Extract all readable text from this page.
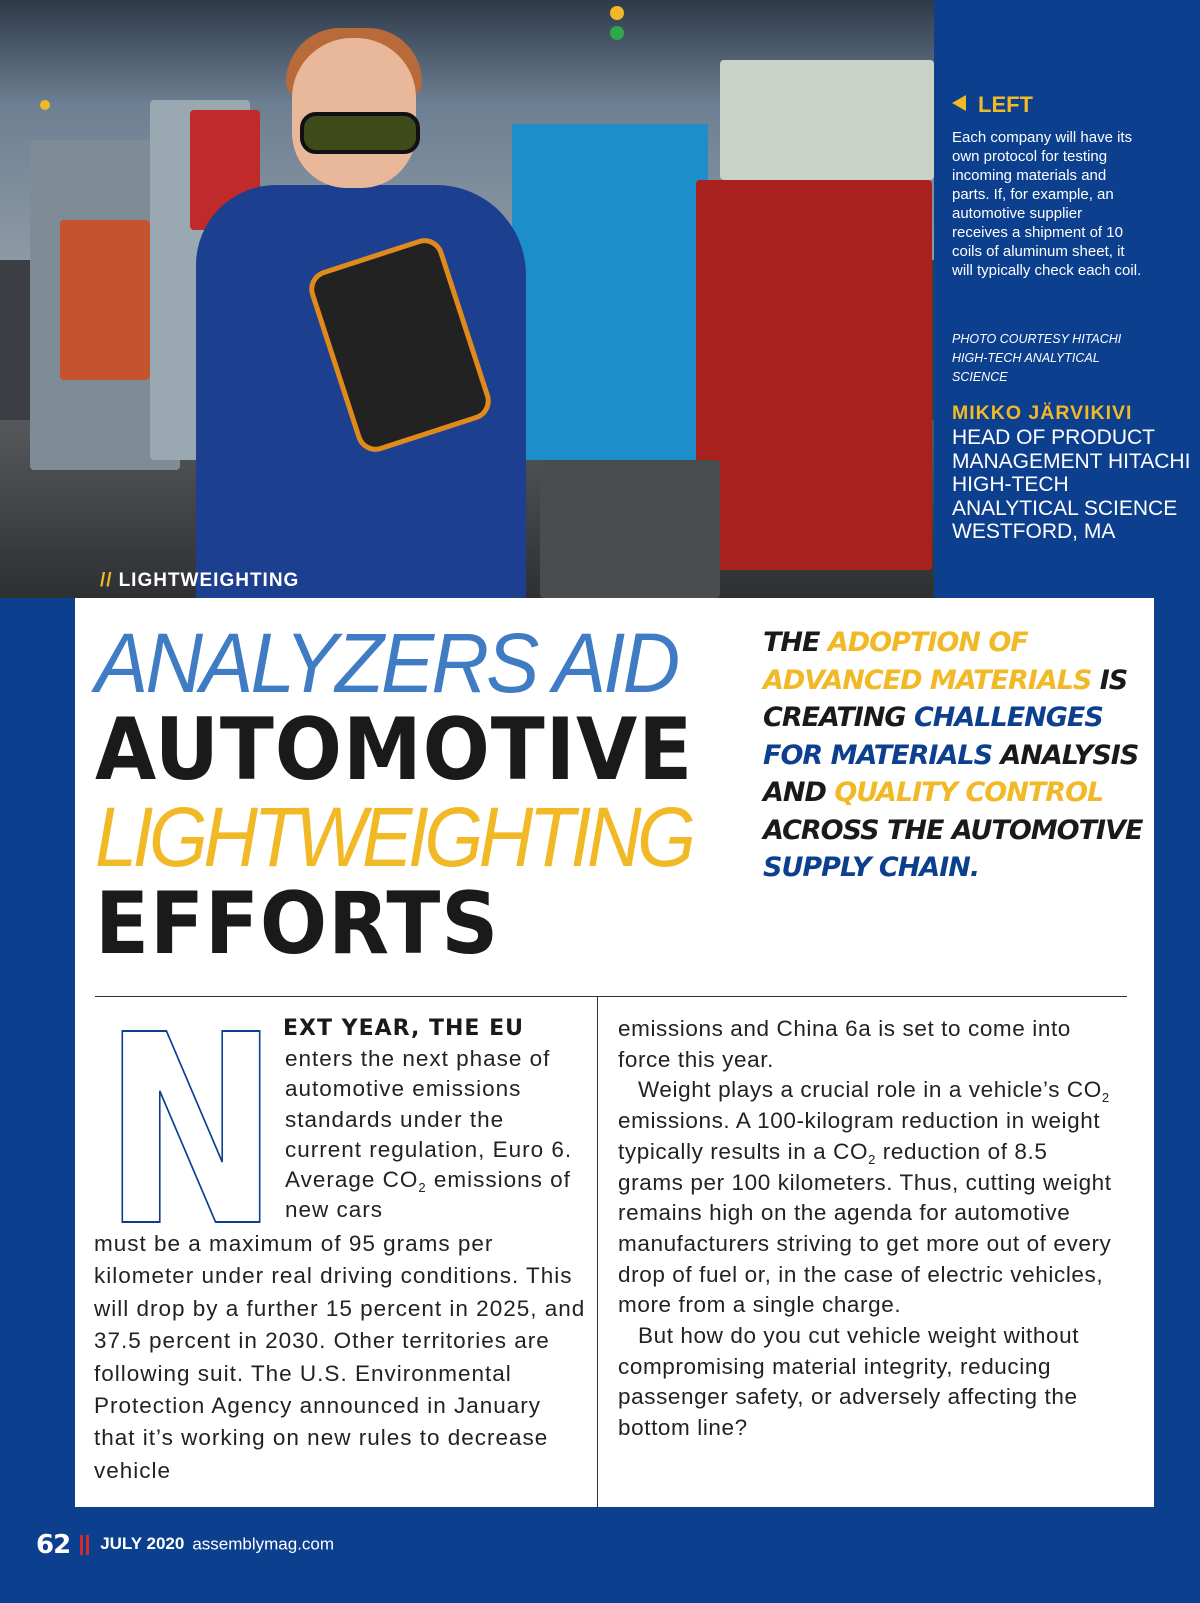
// LIGHTWEIGHTING
LEFT
Each company will have its own protocol for testing incoming materials and parts. If, for example, an automotive supplier receives a shipment of 10 coils of aluminum sheet, it will typically check each coil.
PHOTO COURTESY HITACHI HIGH-TECH ANALYTICAL SCIENCE
MIKKO JÄRVIKIVI
HEAD OF PRODUCT MANAGEMENT HITACHI HIGH-TECH ANALYTICAL SCIENCE WESTFORD, MA
ANALYZERS AID
AUTOMOTIVE
LIGHTWEIGHTING
EFFORTS
THE ADOPTION OF ADVANCED MATERIALS IS CREATING CHALLENGES FOR MATERIALS ANALYSIS AND QUALITY CONTROL ACROSS THE AUTOMOTIVE SUPPLY CHAIN.
N EXT YEAR, THE EU
enters the next phase of automotive emissions standards under the current regulation, Euro 6. Average $CO_2$ emissions of new cars
must be a maximum of 95 grams per kilometer under real driving conditions. This will drop by a further 15 percent in 2025, and 37.5 percent in 2030. Other territories are following suit. The U.S. Environmental Protection Agency announced in January that it’s working on new rules to decrease vehicle

emissions and China 6a is set to come into force this year.

Weight plays a crucial role in a vehicle’s $CO_2$ emissions. A 100-kilogram reduction in weight typically results in a $CO_2$ reduction of 8.5 grams per 100 kilometers. Thus, cutting weight remains high on the agenda for automotive manufacturers striving to get more out of every drop of fuel or, in the case of electric vehicles, more from a single charge.

But how do you cut vehicle weight without compromising material integrity, reducing passenger safety, or adversely affecting the bottom line?

62 JULY 2020 assemblymag.com
